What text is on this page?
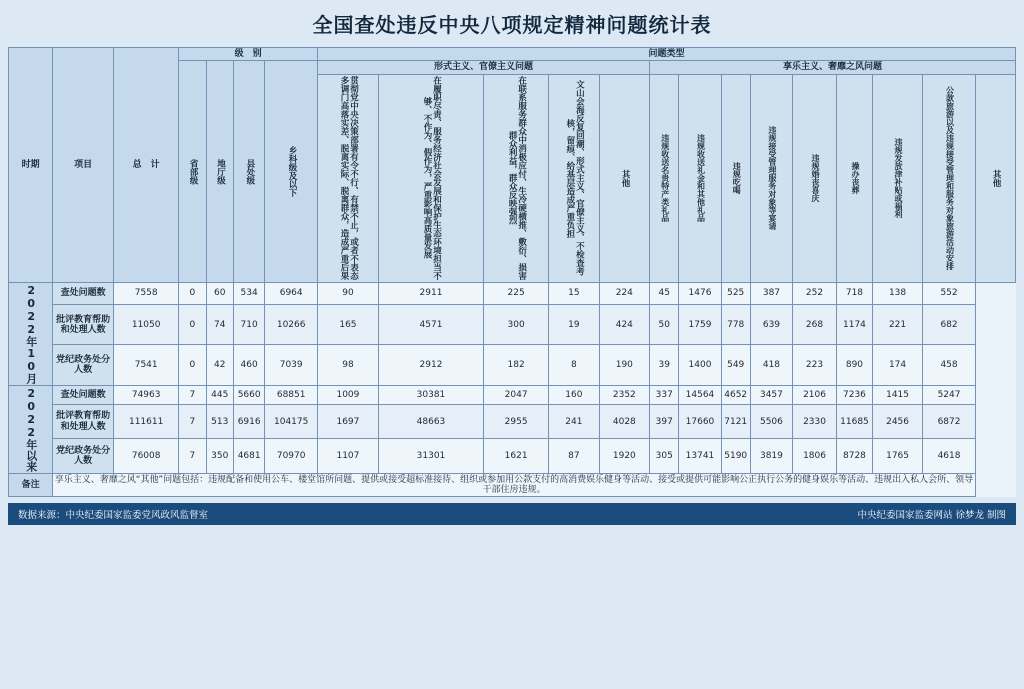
全国查处违反中央八项规定精神问题统计表
时期	项目	总　计	级　别				问题类型													

			省部级	地厅级	县处级	乡科级及以下	形式主义、官僚主义问题					享乐主义、奢靡之风问题								

							贯彻党中央决策部署有令不行、有禁不止，或者不表态多调门高落实差、脱离实际、脱离群众，造成严重后果	在履职尽责、服务经济社会发展和保护生态环境担当不够、不作为、假作为，严重影响高质量发展	在联系服务群众中消极应付、生冷硬横推、敷衍、损害群众利益，群众反映强烈	文山会海反复回潮、形式主义、官僚主义、不检查考核，留痕、给基层造成严重负担	其他	违规收送名贵特产类礼品	违规收送礼金和其他礼品	违规吃喝	违规接受管理服务对象等宴请	违规婚丧喜庆	操办丧葬	违规发放津补贴或福利	公款旅游以及违规接受管理和服务对象旅游活动安排	其他

2022年10月	查处问题数	7558	0	60	534	6964	90	2911	225	15	224	45	1476	525	387	252	718	138	552	
	批评教育帮助和处理人数	11050	0	74	710	10266	165	4571	300	19	424	50	1759	778	639	268	1174	221	682	
	党纪政务处分人数	7541	0	42	460	7039	98	2912	182	8	190	39	1400	549	418	223	890	174	458	

2022年以来	查处问题数	74963	7	445	5660	68851	1009	30381	2047	160	2352	337	14564	4652	3457	2106	7236	1415	5247	
	批评教育帮助和处理人数	111611	7	513	6916	104175	1697	48663	2955	241	4028	397	17660	7121	5506	2330	11685	2456	6872	
	党纪政务处分人数	76008	7	350	4681	70970	1107	31301	1621	87	1920	305	13741	5190	3819	1806	8728	1765	4618	
备注	享乐主义、奢靡之风“其他”问题包括：违规配备和使用公车、楼堂馆所问题、提供或接受超标准接待、组织或参加用公款支付的高消费娱乐健身等活动、接受或提供可能影响公正执行公务的健身娱乐等活动、违规出入私人会所、领导干部住房违规。																			
数据来源：中央纪委国家监委党风政风监督室	中央纪委国家监委网站 徐梦龙 制图
